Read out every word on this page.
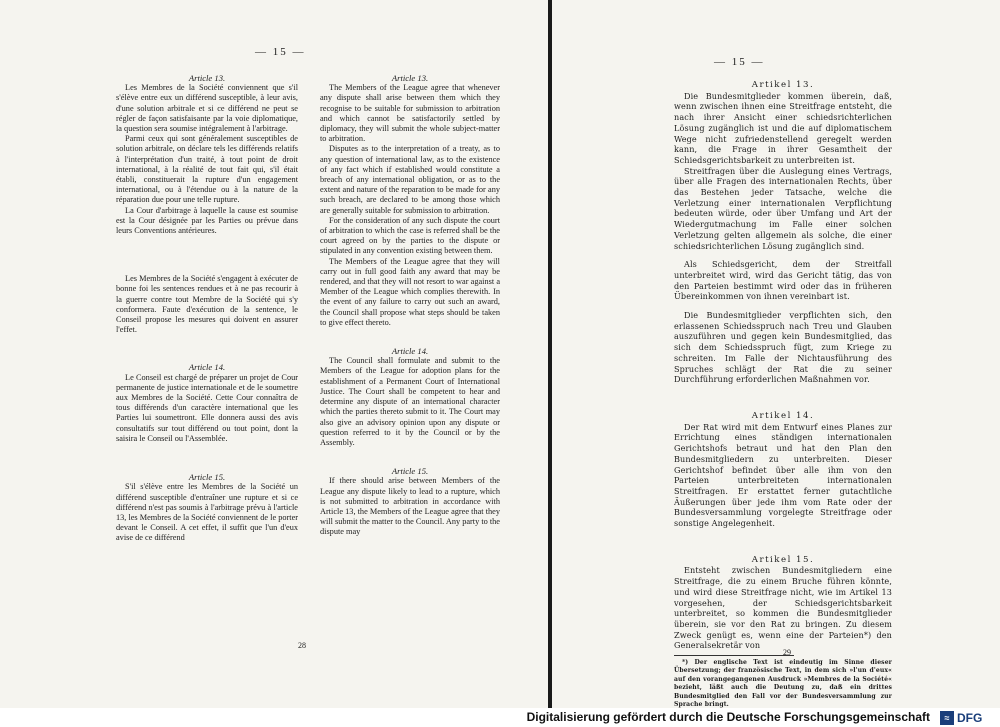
— 15 —

Article 13.

Les Membres de la Société conviennent que s'il s'élève entre eux un différend susceptible, à leur avis, d'une solution arbitrale et si ce différend ne peut se régler de façon satisfaisante par la voie diplomatique, la question sera soumise intégralement à l'arbitrage.

Parmi ceux qui sont généralement susceptibles de solution arbitrale, on déclare tels les différends relatifs à l'interprétation d'un traité, à tout point de droit international, à la réalité de tout fait qui, s'il était établi, constituerait la rupture d'un engagement international, ou à l'étendue ou à la nature de la réparation due pour une telle rupture.

La Cour d'arbitrage à laquelle la cause est soumise est la Cour désignée par les Parties ou prévue dans leurs Conventions antérieures.

Les Membres de la Société s'engagent à exécuter de bonne foi les sentences rendues et à ne pas recourir à la guerre contre tout Membre de la Société qui s'y conformera. Faute d'exécution de la sentence, le Conseil propose les mesures qui doivent en assurer l'effet.

Article 14.

Le Conseil est chargé de préparer un projet de Cour permanente de justice internationale et de le soumettre aux Membres de la Société. Cette Cour connaîtra de tous différends d'un caractère international que les Parties lui soumettront. Elle donnera aussi des avis consultatifs sur tout différend ou tout point, dont la saisira le Conseil ou l'Assemblée.

Article 15.

S'il s'élève entre les Membres de la Société un différend susceptible d'entraîner une rupture et si ce différend n'est pas soumis à l'arbitrage prévu à l'article 13, les Membres de la Société conviennent de le porter devant le Conseil. A cet effet, il suffit que l'un d'eux avise de ce différend

Article 13.

The Members of the League agree that whenever any dispute shall arise between them which they recognise to be suitable for submission to arbitration and which cannot be satisfactorily settled by diplomacy, they will submit the whole subject-matter to arbitration.

Disputes as to the interpretation of a treaty, as to any question of international law, as to the existence of any fact which if established would constitute a breach of any international obligation, or as to the extent and nature of the reparation to be made for any such breach, are declared to be among those which are generally suitable for submission to arbitration.

For the consideration of any such dispute the court of arbitration to which the case is referred shall be the court agreed on by the parties to the dispute or stipulated in any convention existing between them.

The Members of the League agree that they will carry out in full good faith any award that may be rendered, and that they will not resort to war against a Member of the League which complies therewith. In the event of any failure to carry out such an award, the Council shall propose what steps should be taken to give effect thereto.

Article 14.

The Council shall formulate and submit to the Members of the League for adoption plans for the establishment of a Permanent Court of International Justice. The Court shall be competent to hear and determine any dispute of an international character which the parties thereto submit to it. The Court may also give an advisory opinion upon any dispute or question referred to it by the Council or by the Assembly.

Article 15.

If there should arise between Members of the League any dispute likely to lead to a rupture, which is not submitted to arbitration in accordance with Article 13, the Members of the League agree that they will submit the matter to the Council. Any party to the dispute may

28
— 15 —

Artikel 13.

Die Bundesmitglieder kommen überein, daß, wenn zwischen ihnen eine Streitfrage entsteht, die nach ihrer Ansicht einer schiedsrichterlichen Lösung zugänglich ist und die auf diplomatischem Wege nicht zufriedenstellend geregelt werden kann, die Frage in ihrer Gesamtheit der Schiedsgerichtsbarkeit zu unterbreiten ist.

Streitfragen über die Auslegung eines Vertrags, über alle Fragen des internationalen Rechts, über das Bestehen jeder Tatsache, welche die Verletzung einer internationalen Verpflichtung bedeuten würde, oder über Umfang und Art der Wiedergutmachung im Falle einer solchen Verletzung gelten allgemein als solche, die einer schiedsrichterlichen Lösung zugänglich sind.

Als Schiedsgericht, dem der Streitfall unterbreitet wird, wird das Gericht tätig, das von den Parteien bestimmt wird oder das in früheren Übereinkommen von ihnen vereinbart ist.

Die Bundesmitglieder verpflichten sich, den erlassenen Schiedsspruch nach Treu und Glauben auszuführen und gegen kein Bundesmitglied, das sich dem Schiedsspruch fügt, zum Kriege zu schreiten. Im Falle der Nichtausführung des Spruches schlägt der Rat die zu seiner Durchführung erforderlichen Maßnahmen vor.

Artikel 14.

Der Rat wird mit dem Entwurf eines Planes zur Errichtung eines ständigen internationalen Gerichtshofs betraut und hat den Plan den Bundesmitgliedern zu unterbreiten. Dieser Gerichtshof befindet über alle ihm von den Parteien unterbreiteten internationalen Streitfragen. Er erstattet ferner gutachtliche Äußerungen über jede ihm vom Rate oder der Bundesversammlung vorgelegte Streitfrage oder sonstige Angelegenheit.

Artikel 15.

Entsteht zwischen Bundesmitgliedern eine Streitfrage, die zu einem Bruche führen könnte, und wird diese Streitfrage nicht, wie im Artikel 13 vorgesehen, der Schiedsgerichtsbarkeit unterbreitet, so kommen die Bundesmitglieder überein, sie vor den Rat zu bringen. Zu diesem Zweck genügt es, wenn eine der Parteien*) den Generalsekretär von

*) Der englische Text ist eindeutig im Sinne dieser Übersetzung; der französische Text, in dem sich »l'un d'eux« auf den vorangegangenen Ausdruck »Membres de la Société« bezieht, läßt auch die Deutung zu, daß ein drittes Bundesmitglied den Fall vor der Bundesversammlung zur Sprache bringt.

29
Digitalisierung gefördert durch die Deutsche Forschungsgemeinschaft	≈ DFG
